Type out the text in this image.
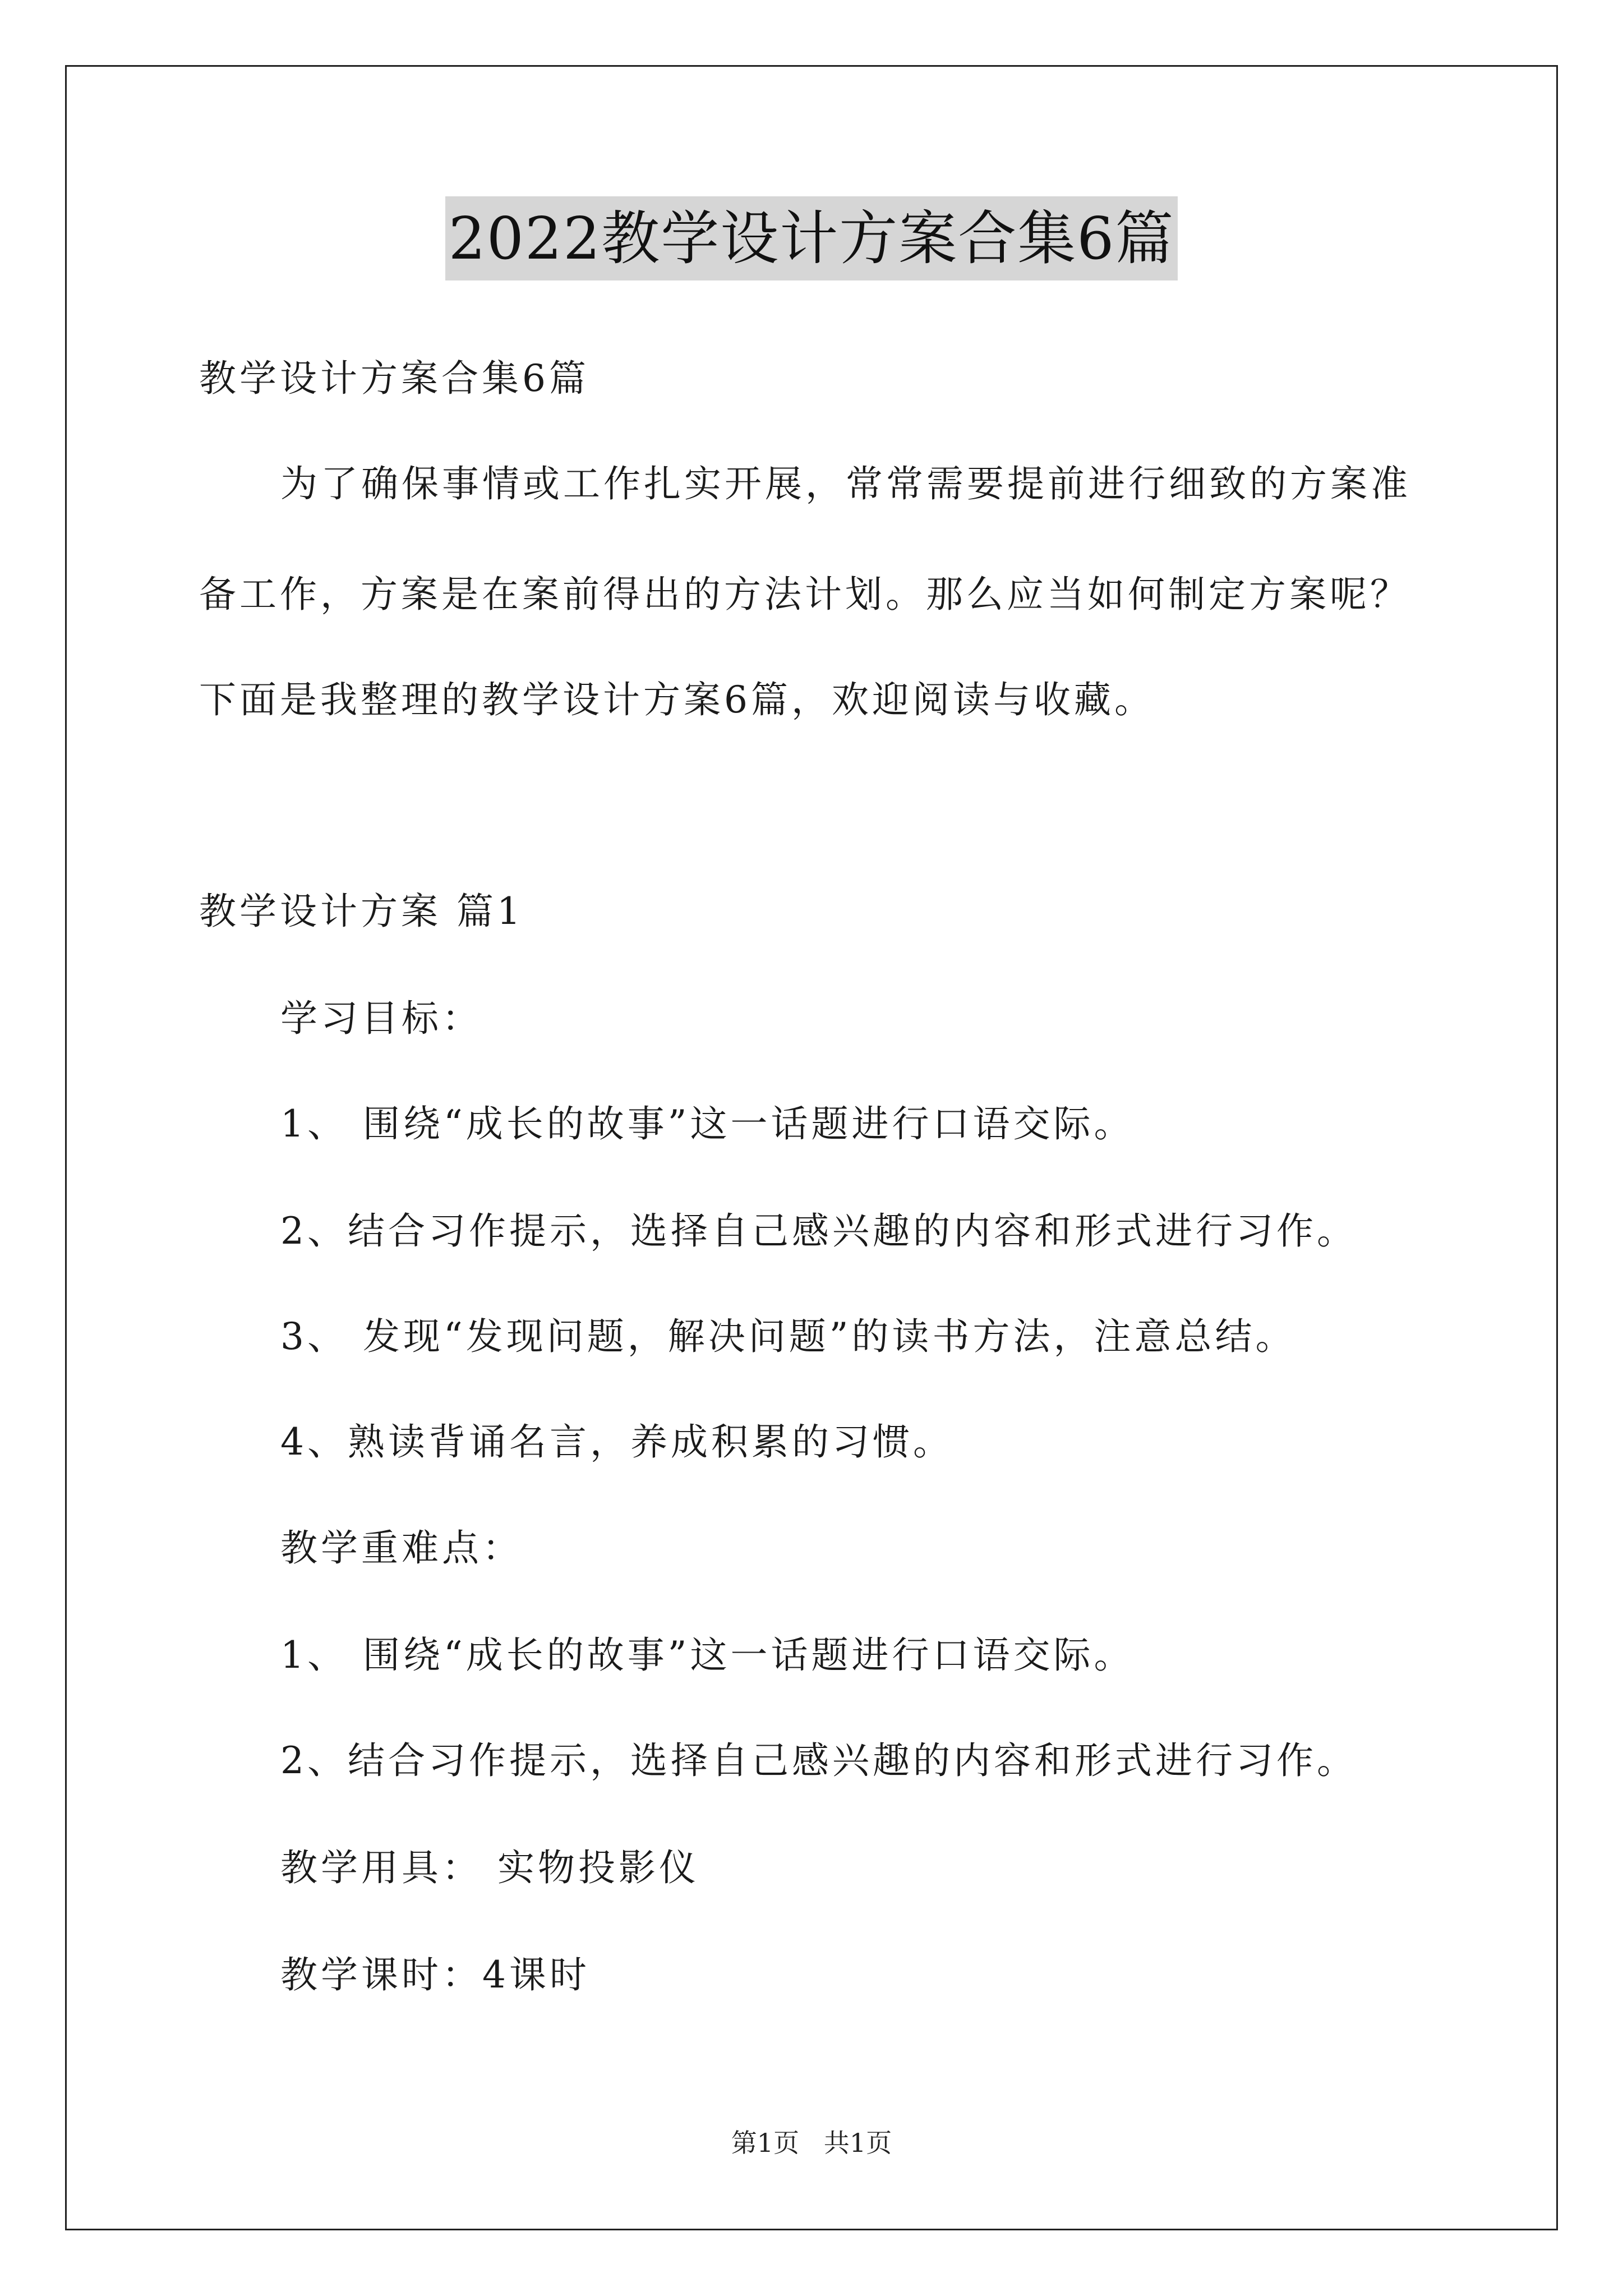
2022教学设计方案合集6篇
教学设计方案合集6篇
为了确保事情或工作扎实开展，常常需要提前进行细致的方案准
备工作，方案是在案前得出的方法计划。那么应当如何制定方案呢？
下面是我整理的教学设计方案6篇，欢迎阅读与收藏。
教学设计方案 篇1
学习目标：
1、 围绕“成长的故事”这一话题进行口语交际。
2、结合习作提示，选择自己感兴趣的内容和形式进行习作。
3、 发现“发现问题，解决问题”的读书方法，注意总结。
4、熟读背诵名言，养成积累的习惯。
教学重难点：
1、 围绕“成长的故事”这一话题进行口语交际。
2、结合习作提示，选择自己感兴趣的内容和形式进行习作。
教学用具： 实物投影仪
教学课时：4课时
第1页   共1页
